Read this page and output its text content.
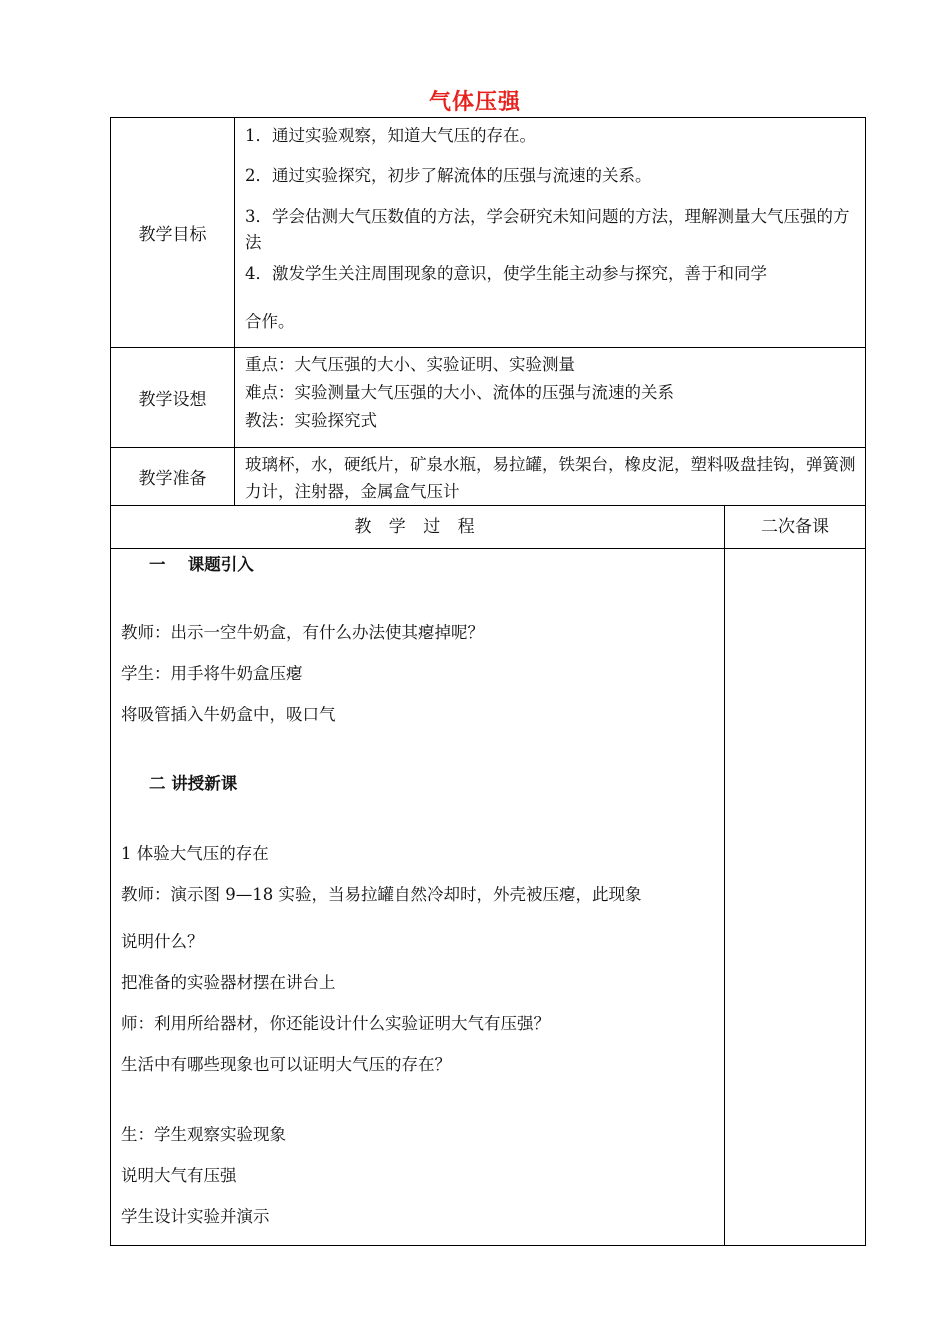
气体压强
教学目标
1．通过实验观察，知道大气压的存在。
2．通过实验探究，初步了解流体的压强与流速的关系。
3．学会估测大气压数值的方法，学会研究未知问题的方法，理解测量大气压强的方法
4．激发学生关注周围现象的意识，使学生能主动参与探究，善于和同学
合作。
教学设想
重点：大气压强的大小、实验证明、实验测量
难点：实验测量大气压强的大小、流体的压强与流速的关系
教法：实验探究式
教学准备
玻璃杯，水，硬纸片，矿泉水瓶，易拉罐，铁架台，橡皮泥，塑料吸盘挂钩，弹簧测力计，注射器，金属盒气压计
教 学 过 程	二次备课
一　 课题引入
教师：出示一空牛奶盒，有什么办法使其瘪掉呢？
学生：用手将牛奶盒压瘪
将吸管插入牛奶盒中，吸口气
二 讲授新课
1 体验大气压的存在
教师：演示图 9—18 实验，当易拉罐自然冷却时，外壳被压瘪，此现象
说明什么？
把准备的实验器材摆在讲台上
师：利用所给器材，你还能设计什么实验证明大气有压强？
生活中有哪些现象也可以证明大气压的存在？
生：学生观察实验现象
说明大气有压强
学生设计实验并演示
